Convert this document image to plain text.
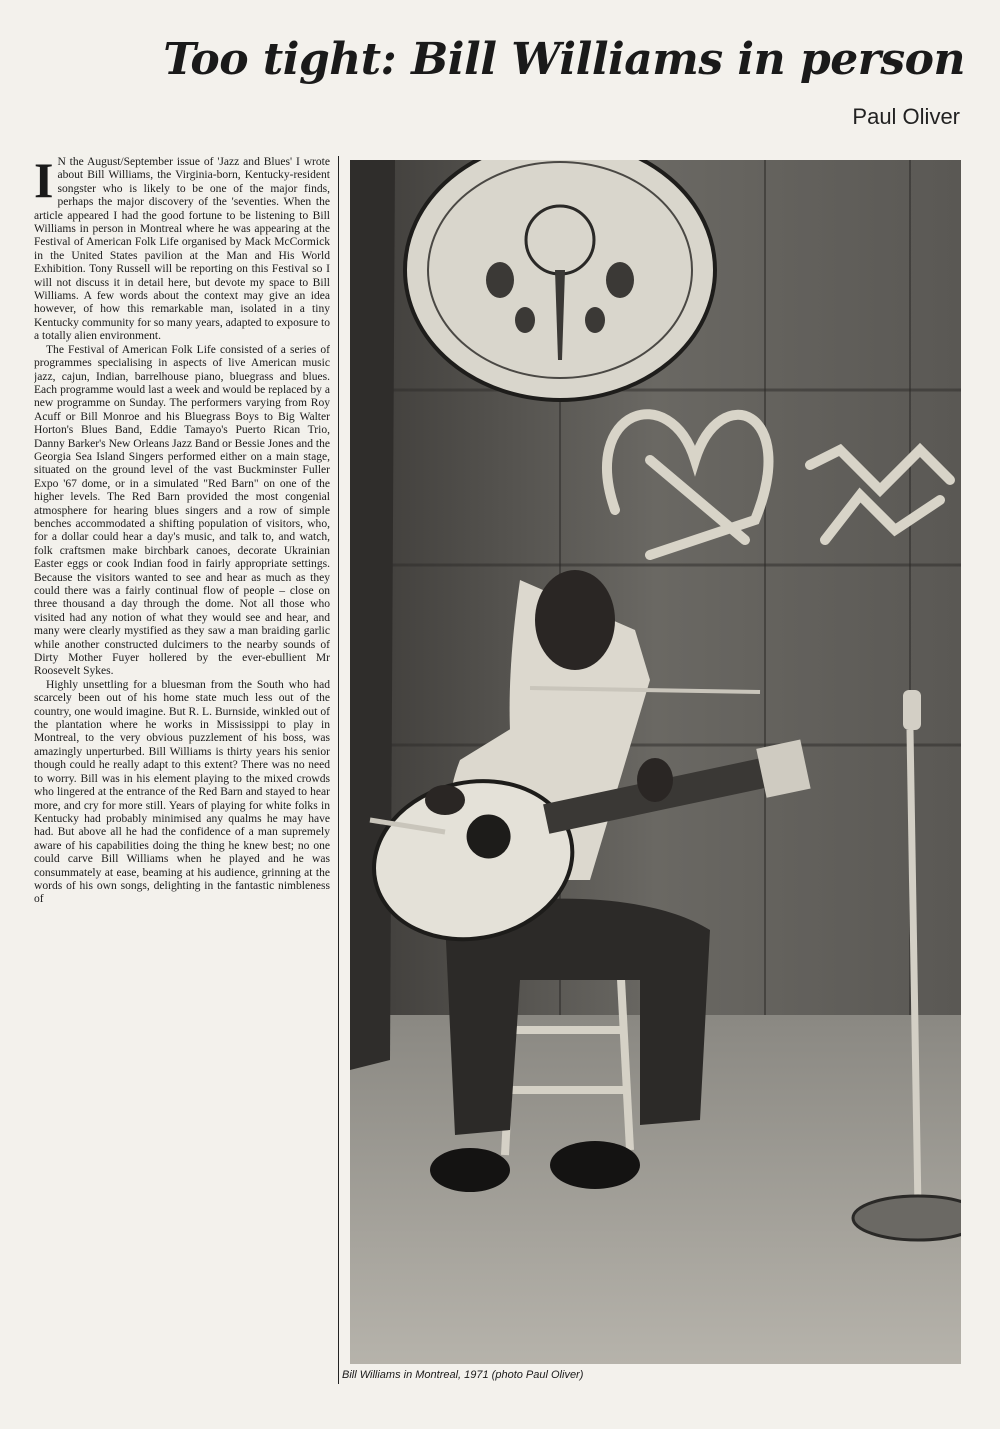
Too tight: Bill Williams in person
Paul Oliver

I N the August/September issue of 'Jazz and Blues' I wrote about Bill Williams, the Virginia-born, Kentucky-resident songster who is likely to be one of the major finds, perhaps the major discovery of the 'seventies. When the article appeared I had the good fortune to be listening to Bill Williams in person in Montreal where he was appearing at the Festival of American Folk Life organised by Mack McCormick in the United States pavilion at the Man and His World Exhibition. Tony Russell will be reporting on this Festival so I will not discuss it in detail here, but devote my space to Bill Williams. A few words about the context may give an idea however, of how this remarkable man, isolated in a tiny Kentucky community for so many years, adapted to exposure to a totally alien environment.

The Festival of American Folk Life consisted of a series of programmes specialising in aspects of live American music jazz, cajun, Indian, barrelhouse piano, bluegrass and blues. Each programme would last a week and would be replaced by a new programme on Sunday. The performers varying from Roy Acuff or Bill Monroe and his Bluegrass Boys to Big Walter Horton's Blues Band, Eddie Tamayo's Puerto Rican Trio, Danny Barker's New Orleans Jazz Band or Bessie Jones and the Georgia Sea Island Singers performed either on a main stage, situated on the ground level of the vast Buckminster Fuller Expo '67 dome, or in a simulated "Red Barn" on one of the higher levels. The Red Barn provided the most congenial atmosphere for hearing blues singers and a row of simple benches accommodated a shifting population of visitors, who, for a dollar could hear a day's music, and talk to, and watch, folk craftsmen make birchbark canoes, decorate Ukrainian Easter eggs or cook Indian food in fairly appropriate settings. Because the visitors wanted to see and hear as much as they could there was a fairly continual flow of people – close on three thousand a day through the dome. Not all those who visited had any notion of what they would see and hear, and many were clearly mystified as they saw a man braiding garlic while another constructed dulcimers to the nearby sounds of Dirty Mother Fuyer hollered by the ever-ebullient Mr Roosevelt Sykes.

Highly unsettling for a bluesman from the South who had scarcely been out of his home state much less out of the country, one would imagine. But R. L. Burnside, winkled out of the plantation where he works in Mississippi to play in Montreal, to the very obvious puzzlement of his boss, was amazingly unperturbed. Bill Williams is thirty years his senior though could he really adapt to this extent? There was no need to worry. Bill was in his element playing to the mixed crowds who lingered at the entrance of the Red Barn and stayed to hear more, and cry for more still. Years of playing for white folks in Kentucky had probably minimised any qualms he may have had. But above all he had the confidence of a man supremely aware of his capabilities doing the thing he knew best; no one could carve Bill Williams when he played and he was consummately at ease, beaming at his audience, grinning at the words of his own songs, delighting in the fantastic nimbleness of

Bill Williams in Montreal, 1971 (photo Paul Oliver)
